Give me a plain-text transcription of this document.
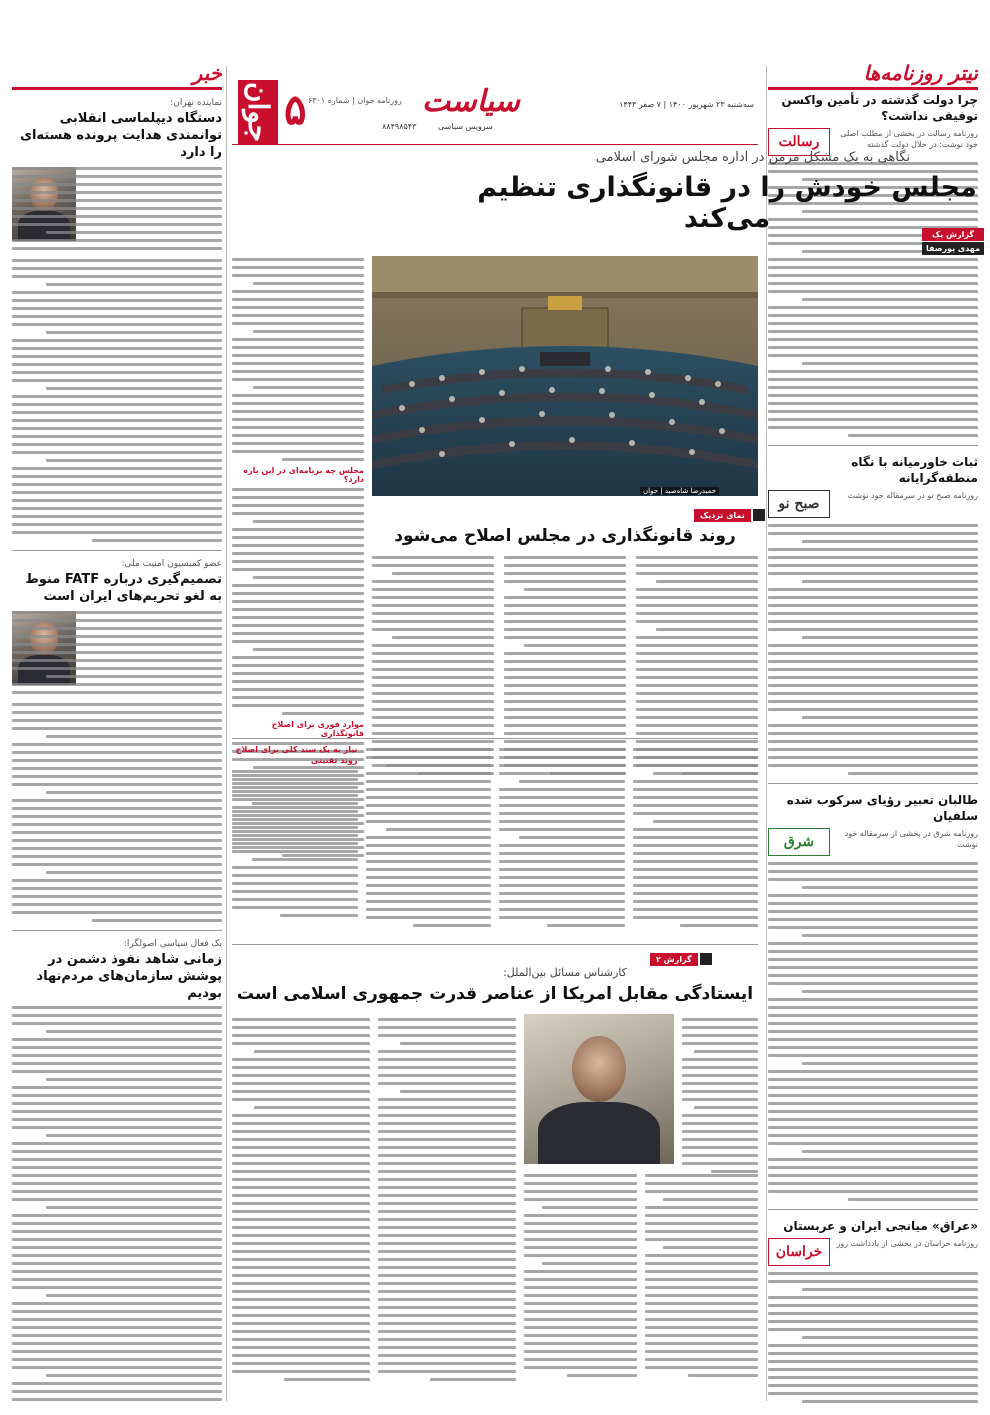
تیتر روزنامه‌ها
چرا دولت گذشته در تأمین واکسن توفیقی نداشت؟
رسالت
روزنامه رسالت در بخشی از مطلب اصلی خود نوشت: در خلال دولت گذشته
ثبات خاورمیانه با نگاه منطقه‌گرایانه
صبح نو
روزنامه صبح نو در سرمقاله خود نوشت
طالبان تعبیر رؤیای سرکوب شده سلفیان
شرق
روزنامه شرق در بخشی از سرمقاله خود نوشت
«عراق» میانجی ایران و عربستان
خراسان
روزنامه خراسان در بخشی از یادداشت روز
خبر
نماینده تهران:
دستگاه دیپلماسی انقلابی توانمندی هدایت پرونده هسته‌ای را دارد
عضو کمیسیون امنیت ملی:
تصمیم‌گیری درباره FATF منوط به لغو تحریم‌های ایران است
یک فعال سیاسی اصولگرا:
زمانی شاهد نفوذ دشمن در پوشش سازمان‌های مردم‌نهاد بودیم
جوان ۵	سیاست
سرویس سیاسی
۸۸۴۹۸۵۴۳
سه‌شنبه ۲۳ شهریور ۱۴۰۰ | ۷ صفر ۱۴۴۳
روزنامه جوان | شماره ۶۳۰۱
گزارش یک
مهدی پورصفا
نگاهی به یک مشکل مزمن در اداره مجلس شورای اسلامی
مجلس خودش را در قانونگذاری تنظیم می‌کند
مجلس چه برنامه‌ای در این باره دارد؟
موارد فوری برای اصلاح قانونگذاری
حمیدرضا شاه‌صید | جوان
نمای نزدیک
روند قانونگذاری در مجلس اصلاح می‌شود
نیاز به یک سند کلی برای اصلاح روند تقنینی
گزارش ۲
کارشناس مسائل بین‌الملل:
ایستادگی مقابل امریکا از عناصر قدرت جمهوری اسلامی است
